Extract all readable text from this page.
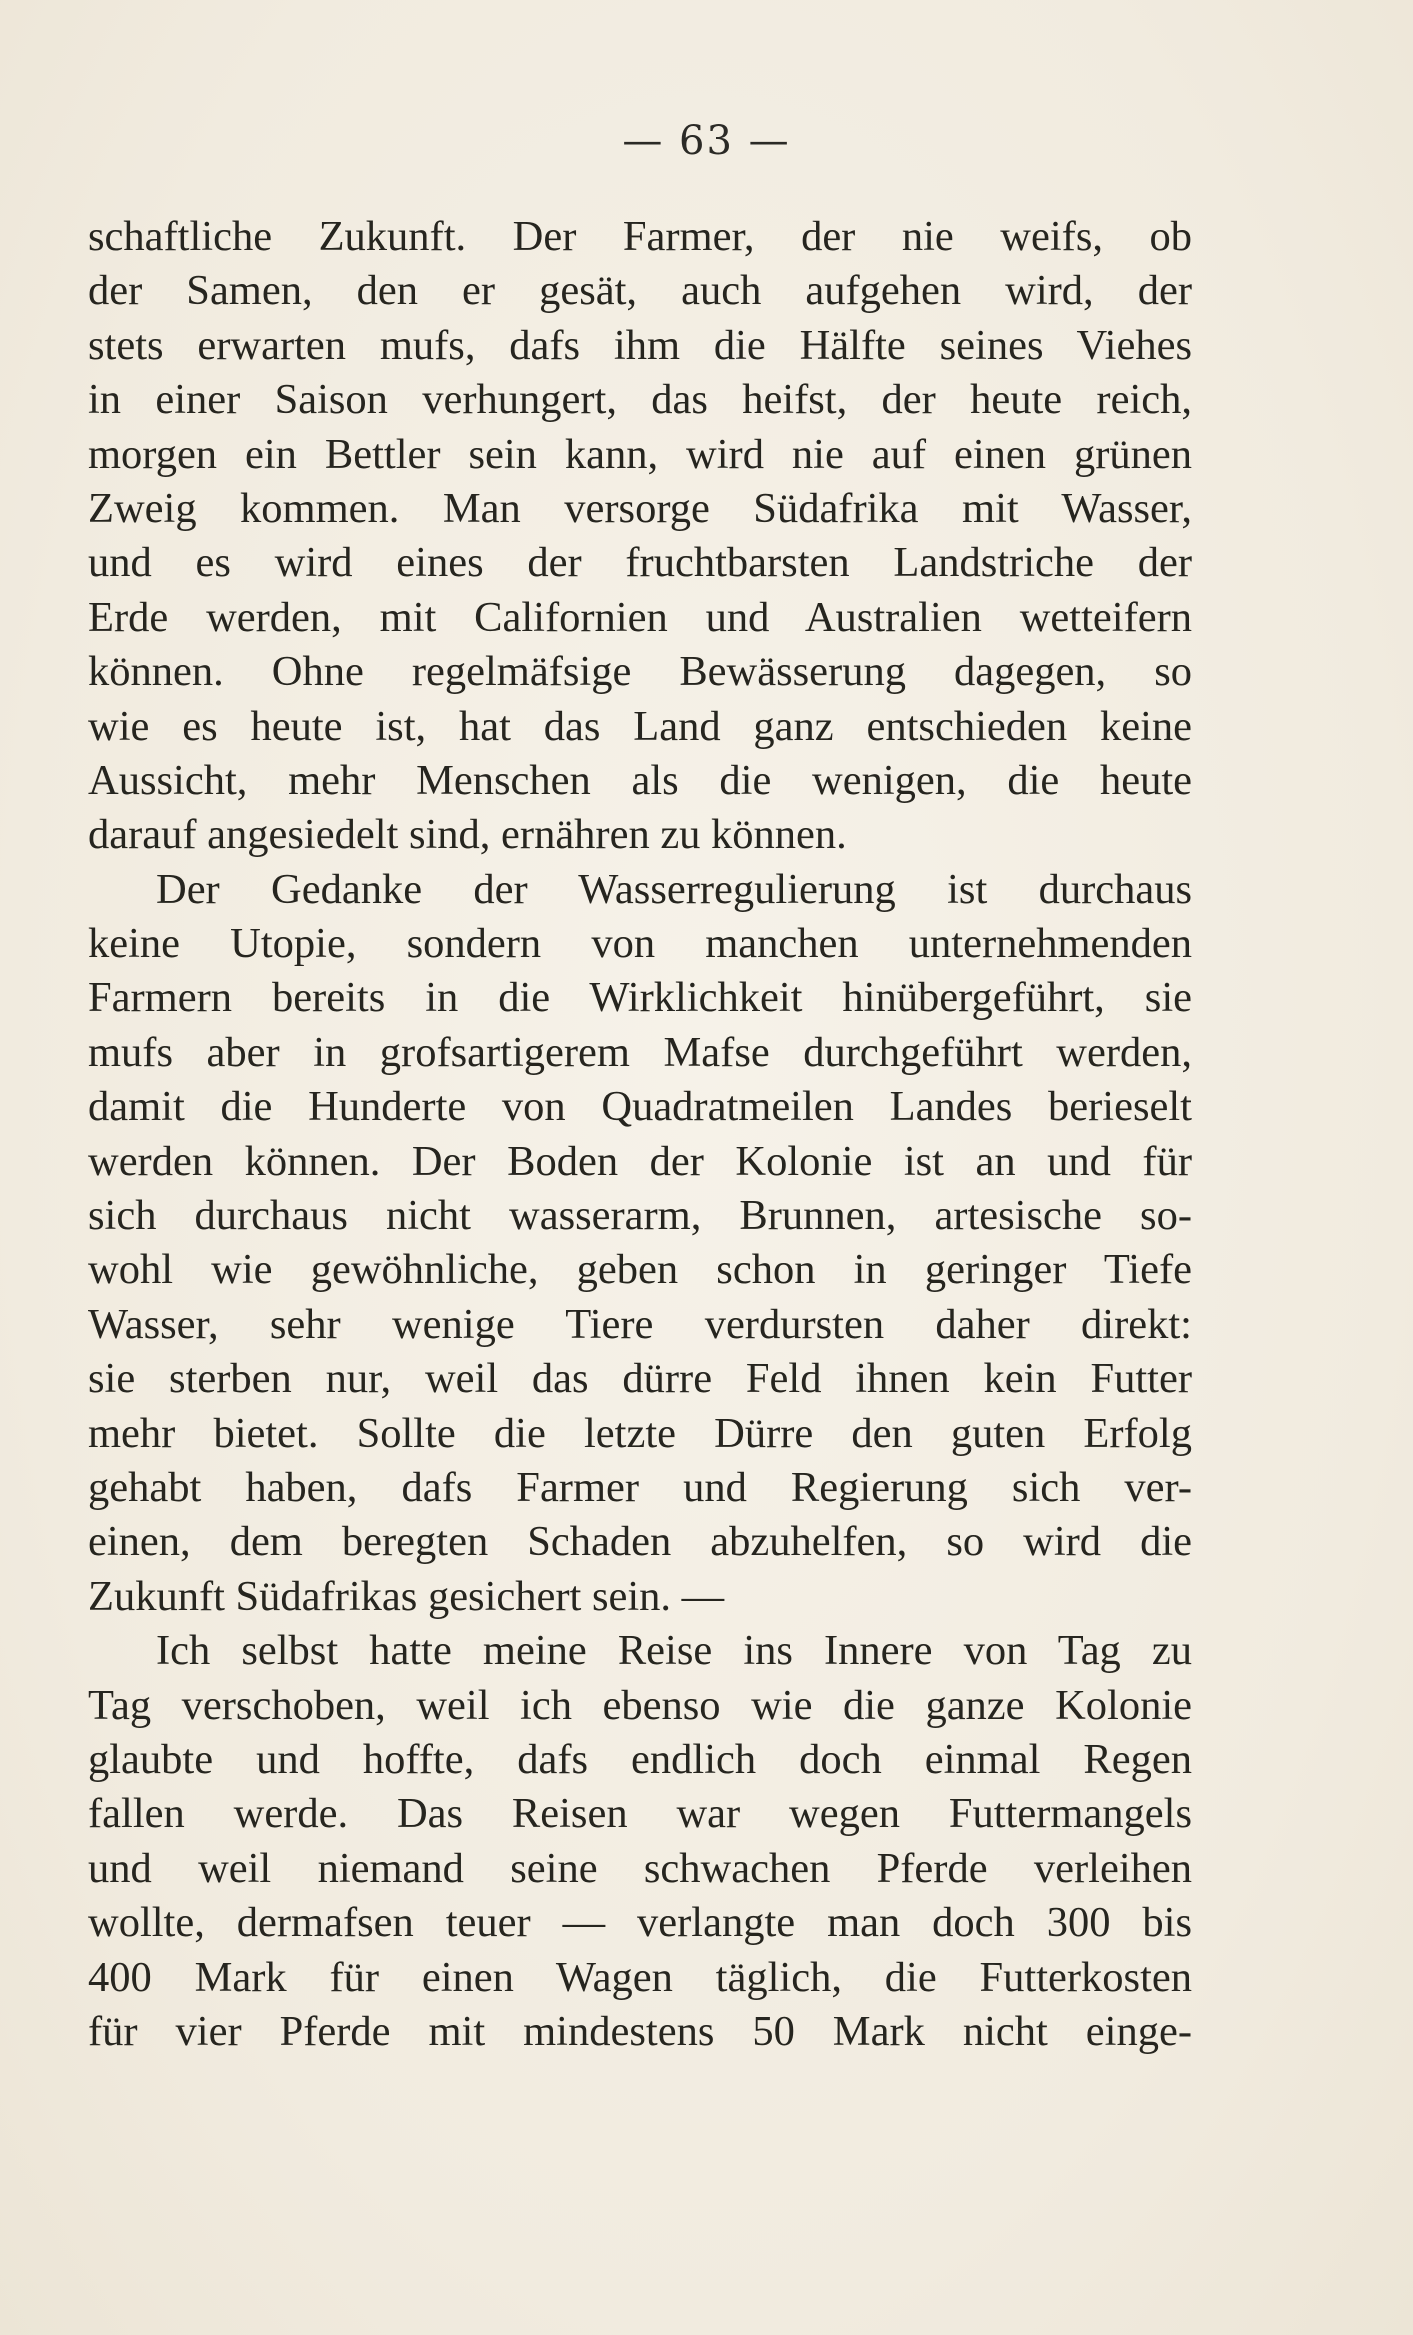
— 63 —
schaftliche Zukunft. Der Farmer, der nie weifs, ob
der Samen, den er gesät, auch aufgehen wird, der
stets erwarten mufs, dafs ihm die Hälfte seines Viehes
in einer Saison verhungert, das heifst, der heute reich,
morgen ein Bettler sein kann, wird nie auf einen grünen
Zweig kommen. Man versorge Südafrika mit Wasser,
und es wird eines der fruchtbarsten Landstriche der
Erde werden, mit Californien und Australien wetteifern
können. Ohne regelmäfsige Bewässerung dagegen, so
wie es heute ist, hat das Land ganz entschieden keine
Aussicht, mehr Menschen als die wenigen, die heute
darauf angesiedelt sind, ernähren zu können.
Der Gedanke der Wasserregulierung ist durchaus
keine Utopie, sondern von manchen unternehmenden
Farmern bereits in die Wirklichkeit hinübergeführt, sie
mufs aber in grofsartigerem Mafse durchgeführt werden,
damit die Hunderte von Quadratmeilen Landes berieselt
werden können. Der Boden der Kolonie ist an und für
sich durchaus nicht wasserarm, Brunnen, artesische so-
wohl wie gewöhnliche, geben schon in geringer Tiefe
Wasser, sehr wenige Tiere verdursten daher direkt:
sie sterben nur, weil das dürre Feld ihnen kein Futter
mehr bietet. Sollte die letzte Dürre den guten Erfolg
gehabt haben, dafs Farmer und Regierung sich ver-
einen, dem beregten Schaden abzuhelfen, so wird die
Zukunft Südafrikas gesichert sein. —
Ich selbst hatte meine Reise ins Innere von Tag zu
Tag verschoben, weil ich ebenso wie die ganze Kolonie
glaubte und hoffte, dafs endlich doch einmal Regen
fallen werde. Das Reisen war wegen Futtermangels
und weil niemand seine schwachen Pferde verleihen
wollte, dermafsen teuer — verlangte man doch 300 bis
400 Mark für einen Wagen täglich, die Futterkosten
für vier Pferde mit mindestens 50 Mark nicht einge-
